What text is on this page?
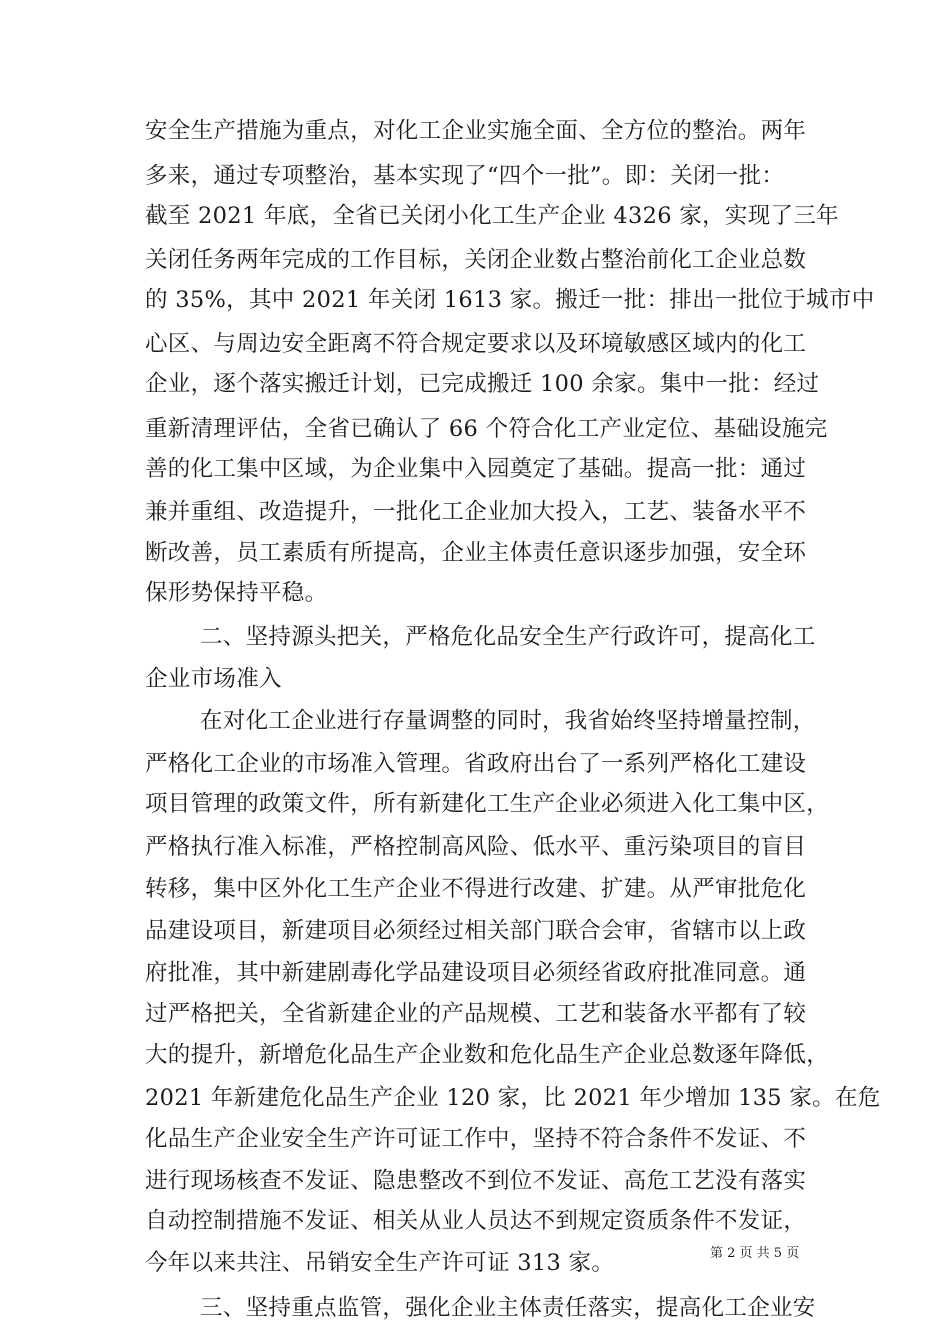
安全生产措施为重点，对化工企业实施全面、全方位的整治。两年
多来，通过专项整治，基本实现了“四个一批”。即：关闭一批：
截至 2021 年底，全省已关闭小化工生产企业 4326 家，实现了三年
关闭任务两年完成的工作目标，关闭企业数占整治前化工企业总数
的 35%，其中 2021 年关闭 1613 家。搬迁一批：排出一批位于城市中
心区、与周边安全距离不符合规定要求以及环境敏感区域内的化工
企业，逐个落实搬迁计划，已完成搬迁 100 余家。集中一批：经过
重新清理评估，全省已确认了 66 个符合化工产业定位、基础设施完
善的化工集中区域，为企业集中入园奠定了基础。提高一批：通过
兼并重组、改造提升，一批化工企业加大投入，工艺、装备水平不
断改善，员工素质有所提高，企业主体责任意识逐步加强，安全环
保形势保持平稳。
二、坚持源头把关，严格危化品安全生产行政许可，提高化工
企业市场准入
在对化工企业进行存量调整的同时，我省始终坚持增量控制，
严格化工企业的市场准入管理。省政府出台了一系列严格化工建设
项目管理的政策文件，所有新建化工生产企业必须进入化工集中区，
严格执行准入标准，严格控制高风险、低水平、重污染项目的盲目
转移，集中区外化工生产企业不得进行改建、扩建。从严审批危化
品建设项目，新建项目必须经过相关部门联合会审，省辖市以上政
府批准，其中新建剧毒化学品建设项目必须经省政府批准同意。通
过严格把关，全省新建企业的产品规模、工艺和装备水平都有了较
大的提升，新增危化品生产企业数和危化品生产企业总数逐年降低，
2021 年新建危化品生产企业 120 家，比 2021 年少增加 135 家。在危
化品生产企业安全生产许可证工作中，坚持不符合条件不发证、不
进行现场核查不发证、隐患整改不到位不发证、高危工艺没有落实
自动控制措施不发证、相关从业人员达不到规定资质条件不发证，
今年以来共注、吊销安全生产许可证 313 家。
三、坚持重点监管，强化企业主体责任落实，提高化工企业安
第 2 页 共 5 页
